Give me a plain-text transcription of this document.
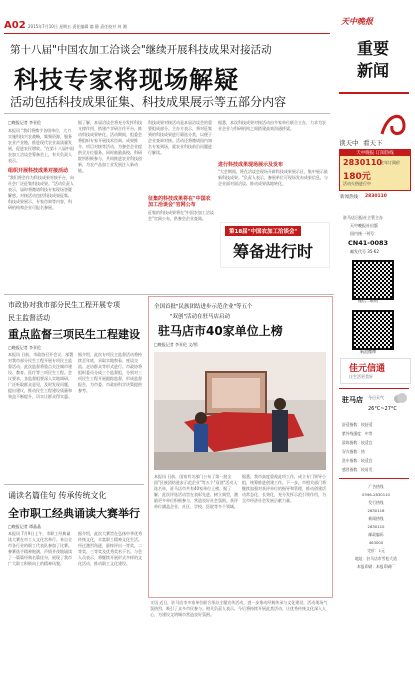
A02 2015年7月10日 星期五 责任编辑 翁 静 责任校对 何 湘
第十八届"中国农加工洽谈会"继续开展科技成果对接活动
科技专家将现场解疑
活动包括科技成果征集、科技成果展示等五部分内容
□晚报记者 李亚伦
本报讯 "我们将携手各级单位，大力实施科技兴农战略，集聚资源，服务农业产业链，推进现代农业高质量发展，促进农民增收。"在第十八届中国农加工洽谈会筹备会上，有关负责人表示。
组织开展科技成果对接活动
"我们将会作为科技成果对接平台，向社会广泛征集科技成果。"活动负责人表示，届时将邀请科技专家现场答疑解惑。对接活动包括科技成果征集、科技成果展示、专家咨询等内容，科研机构和企业可报名参展。
据了解，本届洽谈会将充分发挥科技支撑作用，搭建产学研合作平台，推动科技成果转化。活动期间，组委会将组织专家开展技术咨询、成果推介、项目对接等活动，为参会企业提供全方位服务。同时鼓励高校、科研院所积极参与，共同推进农业科技创新，为农产品加工业发展注入新动能。
科技成果对接活动是本届洽谈会的重要组成部分。主办方表示，将对征集到的科技成果进行筛选分类，以便于企业查询对接。活动还将邀请国内知名专家到场，就农业科技前沿问题进行解读。
征集的科技成果将在"中国农加工洽谈会"官网公布
征集的科技成果将在"中国农加工洽谈会"官网公布，供参会企业查阅。
据悉，本次科技成果对接活动由多家单位联合主办，力求为农业企业与科研机构之间搭建高效沟通桥梁。
进行科技成果现场展示及发布
"大会期间，将在洽谈会现场开辟科技成果展示区，集中展示最新科技成果。"负责人表示，参展单位可现场发布成果信息，与企业面对面洽谈，推动成果落地转化。
第18届"中国农加工洽谈会"
筹备进行时
天中晚报
重要
新闻
读天中 看天下
天中晚报 订阅热线
2830110
全年订阅价
180元
活动火热进行中
新闻热线： 2830110
驻马店日报社主管主办
天中晚报社出版
国内统一刊号：
CN41-0083
邮发代号 35-62
微信二维码
新浪微博
佳元信通
让生活更美好
驻马店 今日天气
26°C~27°C
舒适指数：较舒适
紫外线强度：中等
晨练指数：较适宜
穿衣指数：热
洗车指数：较适宜
感冒指数：较易发
广告热线
0396-2830110
发行热线
2830118
新闻热线
2830110
邮政编码
463000
定价：1元
地址：驻马店市雪松大道
本报印刷：本报印刷厂
市政协对我市部分民生工程开展专项
民主监督活动
重点监督三项民生工程建设
□晚报记者 李亚伦
本报讯 日前，市政协召开会议，部署对我市部分民生工程开展专项民主监督活动。此次监督将重点关注城市建设、教育、医疗等三项民生工程。会议要求，各监督组要深入实地调研，广泛听取群众意见，及时发现问题、提出建议，推动民生工程建设质量和效益不断提升，切实让群众得实惠。
据介绍，此次专项民主监督活动将持续至年底，采取实地察看、座谈交流、走访群众等形式进行。市政协将组织委员分成三个监督组，分别对三项民生工程开展跟踪监督，形成监督报告，为市委、市政府科学决策提供参考。
全国首批"民族团结进步示范企业"等五个
"双创"活动在驻马店启动
驻马店市40家单位上榜
□晚报记者 李亚伦 文/图
本报讯 日前，国家有关部门公布了第一批全国"民族团结进步示范企业"等五个"双创"活动入选名单，驻马店市共有40家单位上榜。据了解，此次评选活动旨在表彰先进、树立典型，激励更多单位积极参与，营造良好社会氛围。获评单位涵盖企业、社区、学校、医院等多个领域。
据悉，我市高度重视此项工作，成立专门领导小组，统筹推进创建工作。下一步，市相关部门将继续加强对获评单位的指导和管理，推动创建活动常态化、长效化，充分发挥示范引领作用，为全市经济社会发展贡献力量。
诵读名篇佳句 传承传统文化
全市职工经典诵读大赛举行
□晚报记者 谭晶晶
本报讯 7月9日上午，市职工经典诵读大赛在市工人文化宫举行。来自全市各行业的职工代表队参加了比赛。参赛选手精神饱满，声情并茂地诵读了一篇篇经典名篇佳句，展现了我市广大职工积极向上的精神风貌。
据介绍，此次大赛旨在弘扬中华优秀传统文化，丰富职工精神文化生活。经过激烈角逐，最终评出一等奖、二等奖、三等奖及优秀奖若干名。与会人员表示，将继续开展形式多样的文化活动，推动职工文化建设。
又讯 近日，驻马店市多家单位联合举办主题宣传活动，进一步推动经典传承与文化建设，活动现场气氛热烈，吸引了众多市民参与。相关负责人表示，今后将持续开展此类活动，让优秀传统文化深入人心，为建设文明城市营造良好氛围。
